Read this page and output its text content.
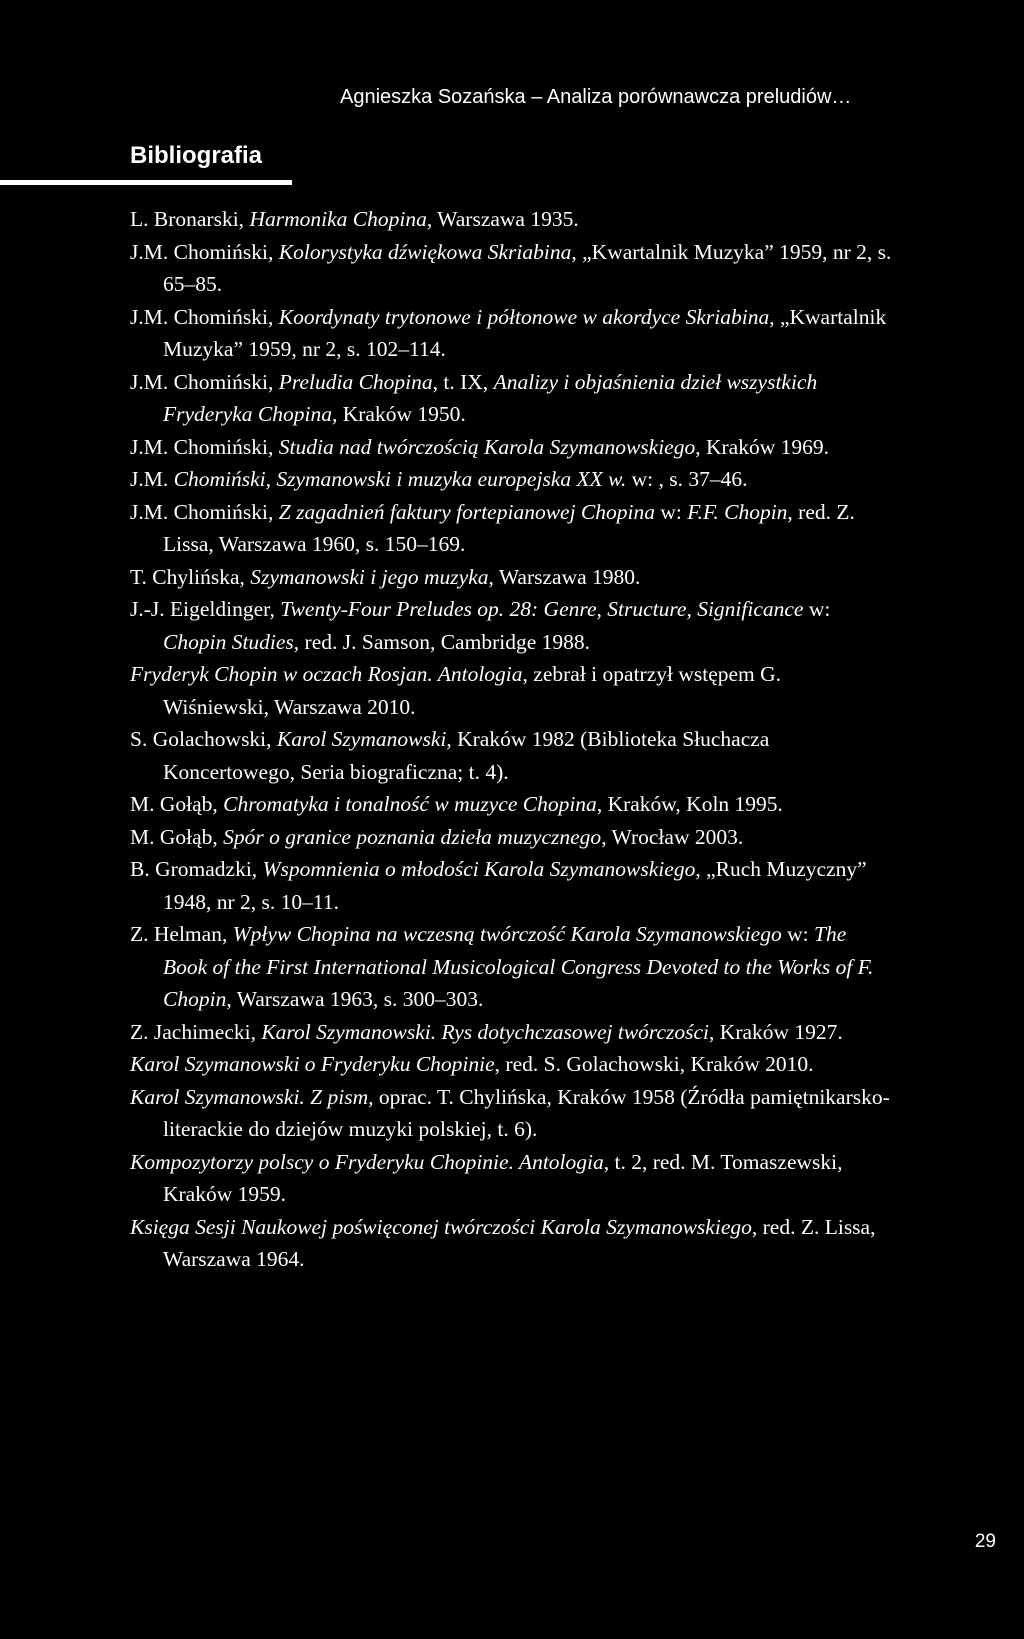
Agnieszka Sozańska – Analiza porównawcza preludiów…
Bibliografia
L. Bronarski, Harmonika Chopina, Warszawa 1935.
J.M. Chomiński, Kolorystyka dźwiękowa Skriabina, „Kwartalnik Muzyka” 1959, nr 2, s. 65–85.
J.M. Chomiński, Koordynaty trytonowe i półtonowe w akordyce Skriabina, „Kwartalnik Muzyka” 1959, nr 2, s. 102–114.
J.M. Chomiński, Preludia Chopina, t. IX, Analizy i objaśnienia dzieł wszystkich Fryderyka Chopina, Kraków 1950.
J.M. Chomiński, Studia nad twórczością Karola Szymanowskiego, Kraków 1969.
J.M. Chomiński, Szymanowski i muzyka europejska XX w. w: , s. 37–46.
J.M. Chomiński, Z zagadnień faktury fortepianowej Chopina w: F.F. Chopin, red. Z. Lissa, Warszawa 1960, s. 150–169.
T. Chylińska, Szymanowski i jego muzyka, Warszawa 1980.
J.-J. Eigeldinger, Twenty-Four Preludes op. 28: Genre, Structure, Significance w: Chopin Studies, red. J. Samson, Cambridge 1988.
Fryderyk Chopin w oczach Rosjan. Antologia, zebrał i opatrzył wstępem G. Wiśniewski, Warszawa 2010.
S. Golachowski, Karol Szymanowski, Kraków 1982 (Biblioteka Słuchacza Koncertowego, Seria biograficzna; t. 4).
M. Gołąb, Chromatyka i tonalność w muzyce Chopina, Kraków, Koln 1995.
M. Gołąb, Spór o granice poznania dzieła muzycznego, Wrocław 2003.
B. Gromadzki, Wspomnienia o młodości Karola Szymanowskiego, „Ruch Muzyczny” 1948, nr 2, s. 10–11.
Z. Helman, Wpływ Chopina na wczesną twórczość Karola Szymanowskiego w: The Book of the First International Musicological Congress Devoted to the Works of F. Chopin, Warszawa 1963, s. 300–303.
Z. Jachimecki, Karol Szymanowski. Rys dotychczasowej twórczości, Kraków 1927.
Karol Szymanowski o Fryderyku Chopinie, red. S. Golachowski, Kraków 2010.
Karol Szymanowski. Z pism, oprac. T. Chylińska, Kraków 1958 (Źródła pamiętnikarsko-literackie do dziejów muzyki polskiej, t. 6).
Kompozytorzy polscy o Fryderyku Chopinie. Antologia, t. 2, red. M. Tomaszewski, Kraków 1959.
Księga Sesji Naukowej poświęconej twórczości Karola Szymanowskiego, red. Z. Lissa, Warszawa 1964.
29
